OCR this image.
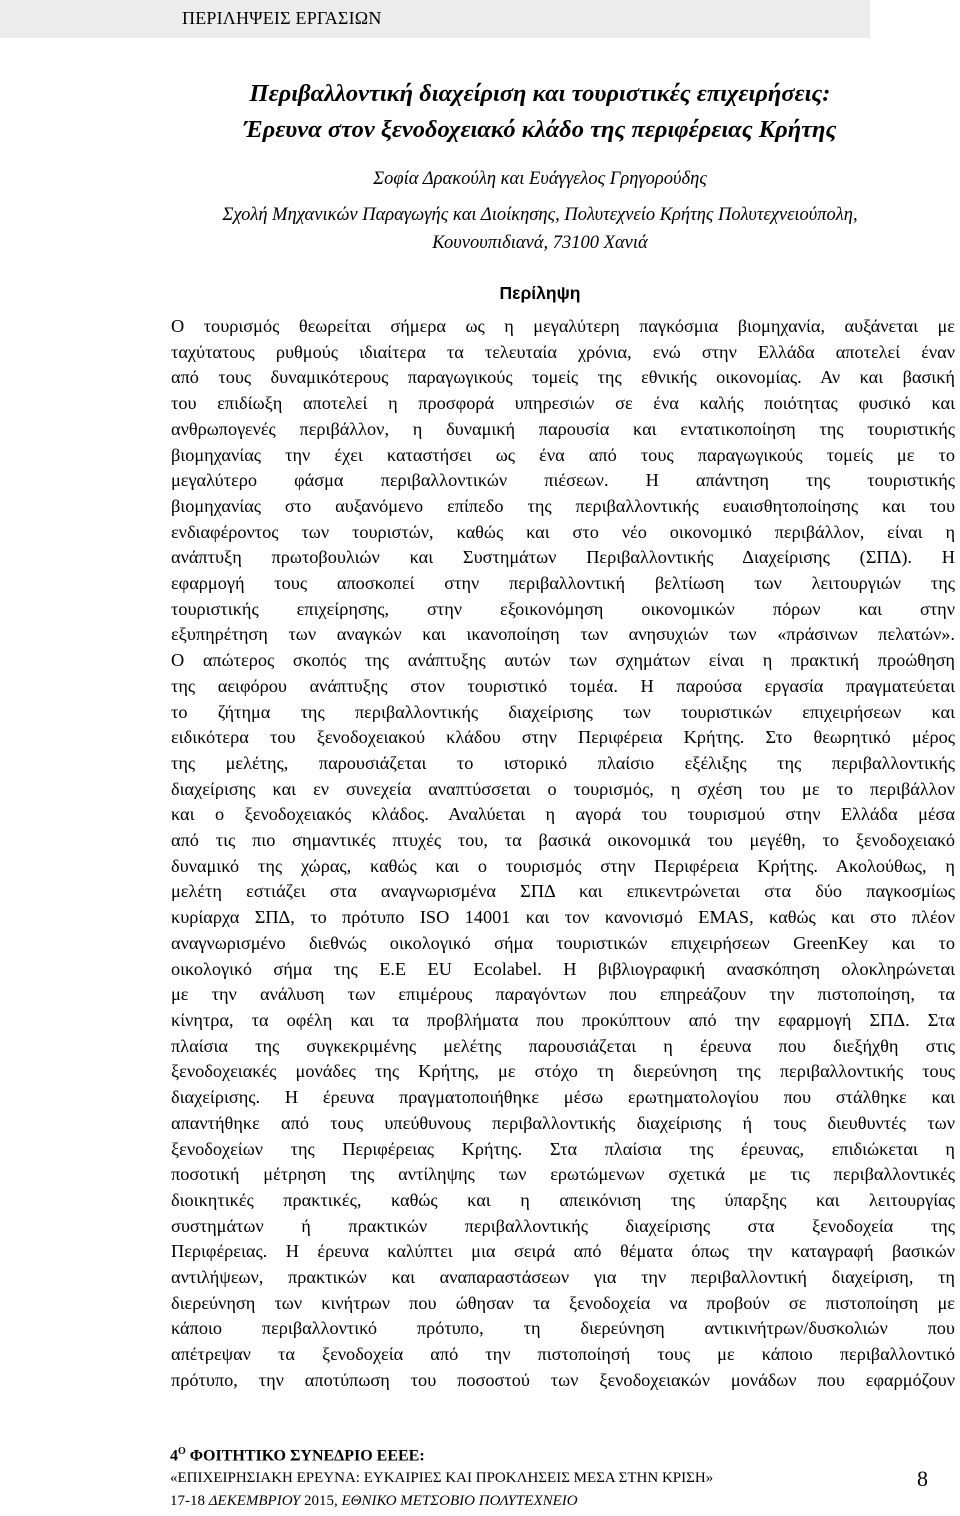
ΠΕΡΙΛΗΨΕΙΣ ΕΡΓΑΣΙΩΝ
Περιβαλλοντική διαχείριση και τουριστικές επιχειρήσεις:
Έρευνα στον ξενοδοχειακό κλάδο της περιφέρειας Κρήτης
Σοφία Δρακούλη και Ευάγγελος Γρηγορούδης
Σχολή Μηχανικών Παραγωγής και Διοίκησης, Πολυτεχνείο Κρήτης Πολυτεχνειούπολη,
Κουνουπιδιανά, 73100 Χανιά
Περίληψη
Ο τουρισμός θεωρείται σήμερα ως η μεγαλύτερη παγκόσμια βιομηχανία, αυξάνεται με
ταχύτατους ρυθμούς ιδιαίτερα τα τελευταία χρόνια, ενώ στην Ελλάδα αποτελεί έναν
από τους δυναμικότερους παραγωγικούς τομείς της εθνικής οικονομίας. Αν και βασική
του επιδίωξη αποτελεί η προσφορά υπηρεσιών σε ένα καλής ποιότητας φυσικό και
ανθρωπογενές περιβάλλον, η δυναμική παρουσία και εντατικοποίηση της τουριστικής
βιομηχανίας την έχει καταστήσει ως ένα από τους παραγωγικούς τομείς με το
μεγαλύτερο φάσμα περιβαλλοντικών πιέσεων. Η απάντηση της τουριστικής
βιομηχανίας στο αυξανόμενο επίπεδο της περιβαλλοντικής ευαισθητοποίησης και του
ενδιαφέροντος των τουριστών, καθώς και στο νέο οικονομικό περιβάλλον, είναι η
ανάπτυξη πρωτοβουλιών και Συστημάτων Περιβαλλοντικής Διαχείρισης (ΣΠΔ). Η
εφαρμογή τους αποσκοπεί στην περιβαλλοντική βελτίωση των λειτουργιών της
τουριστικής επιχείρησης, στην εξοικονόμηση οικονομικών πόρων και στην
εξυπηρέτηση των αναγκών και ικανοποίηση των ανησυχιών των «πράσινων πελατών».
Ο απώτερος σκοπός της ανάπτυξης αυτών των σχημάτων είναι η πρακτική προώθηση
της αειφόρου ανάπτυξης στον τουριστικό τομέα. Η παρούσα εργασία πραγματεύεται
το ζήτημα της περιβαλλοντικής διαχείρισης των τουριστικών επιχειρήσεων και
ειδικότερα του ξενοδοχειακού κλάδου στην Περιφέρεια Κρήτης. Στο θεωρητικό μέρος
της μελέτης, παρουσιάζεται το ιστορικό πλαίσιο εξέλιξης της περιβαλλοντικής
διαχείρισης και εν συνεχεία αναπτύσσεται ο τουρισμός, η σχέση του με το περιβάλλον
και ο ξενοδοχειακός κλάδος. Αναλύεται η αγορά του τουρισμού στην Ελλάδα μέσα
από τις πιο σημαντικές πτυχές του, τα βασικά οικονομικά του μεγέθη, το ξενοδοχειακό
δυναμικό της χώρας, καθώς και ο τουρισμός στην Περιφέρεια Κρήτης. Ακολούθως, η
μελέτη εστιάζει στα αναγνωρισμένα ΣΠΔ και επικεντρώνεται στα δύο παγκοσμίως
κυρίαρχα ΣΠΔ, το πρότυπο ISO 14001 και τον κανονισμό EMAS, καθώς και στο πλέον
αναγνωρισμένο διεθνώς οικολογικό σήμα τουριστικών επιχειρήσεων GreenKey και το
οικολογικό σήμα της Ε.Ε EU Ecolabel. Η βιβλιογραφική ανασκόπηση ολοκληρώνεται
με την ανάλυση των επιμέρους παραγόντων που επηρεάζουν την πιστοποίηση, τα
κίνητρα, τα οφέλη και τα προβλήματα που προκύπτουν από την εφαρμογή ΣΠΔ. Στα
πλαίσια της συγκεκριμένης μελέτης παρουσιάζεται η έρευνα που διεξήχθη στις
ξενοδοχειακές μονάδες της Κρήτης, με στόχο τη διερεύνηση της περιβαλλοντικής τους
διαχείρισης. Η έρευνα πραγματοποιήθηκε μέσω ερωτηματολογίου που στάλθηκε και
απαντήθηκε από τους υπεύθυνους περιβαλλοντικής διαχείρισης ή τους διευθυντές των
ξενοδοχείων της Περιφέρειας Κρήτης. Στα πλαίσια της έρευνας, επιδιώκεται η
ποσοτική μέτρηση της αντίληψης των ερωτώμενων σχετικά με τις περιβαλλοντικές
διοικητικές πρακτικές, καθώς και η απεικόνιση της ύπαρξης και λειτουργίας
συστημάτων ή πρακτικών περιβαλλοντικής διαχείρισης στα ξενοδοχεία της
Περιφέρειας. Η έρευνα καλύπτει μια σειρά από θέματα όπως την καταγραφή βασικών
αντιλήψεων, πρακτικών και αναπαραστάσεων για την περιβαλλοντική διαχείριση, τη
διερεύνηση των κινήτρων που ώθησαν τα ξενοδοχεία να προβούν σε πιστοποίηση με
κάποιο περιβαλλοντικό πρότυπο, τη διερεύνηση αντικινήτρων/δυσκολιών που
απέτρεψαν τα ξενοδοχεία από την πιστοποίησή τους με κάποιο περιβαλλοντικό
πρότυπο, την αποτύπωση του ποσοστού των ξενοδοχειακών μονάδων που εφαρμόζουν
$4^O$ ΦΟΙΤΗΤΙΚΟ ΣΥΝΕΔΡΙΟ ΕΕΕΕ:
«ΕΠΙΧΕΙΡΗΣΙΑΚΗ ΕΡΕΥΝΑ: ΕΥΚΑΙΡΙΕΣ ΚΑΙ ΠΡΟΚΛΗΣΕΙΣ ΜΕΣΑ ΣΤΗΝ ΚΡΙΣΗ»
17-18 ΔΕΚΕΜΒΡΙΟΥ 2015, ΕΘΝΙΚΟ ΜΕΤΣΟΒΙΟ ΠΟΛΥΤΕΧΝΕΙΟ
8
